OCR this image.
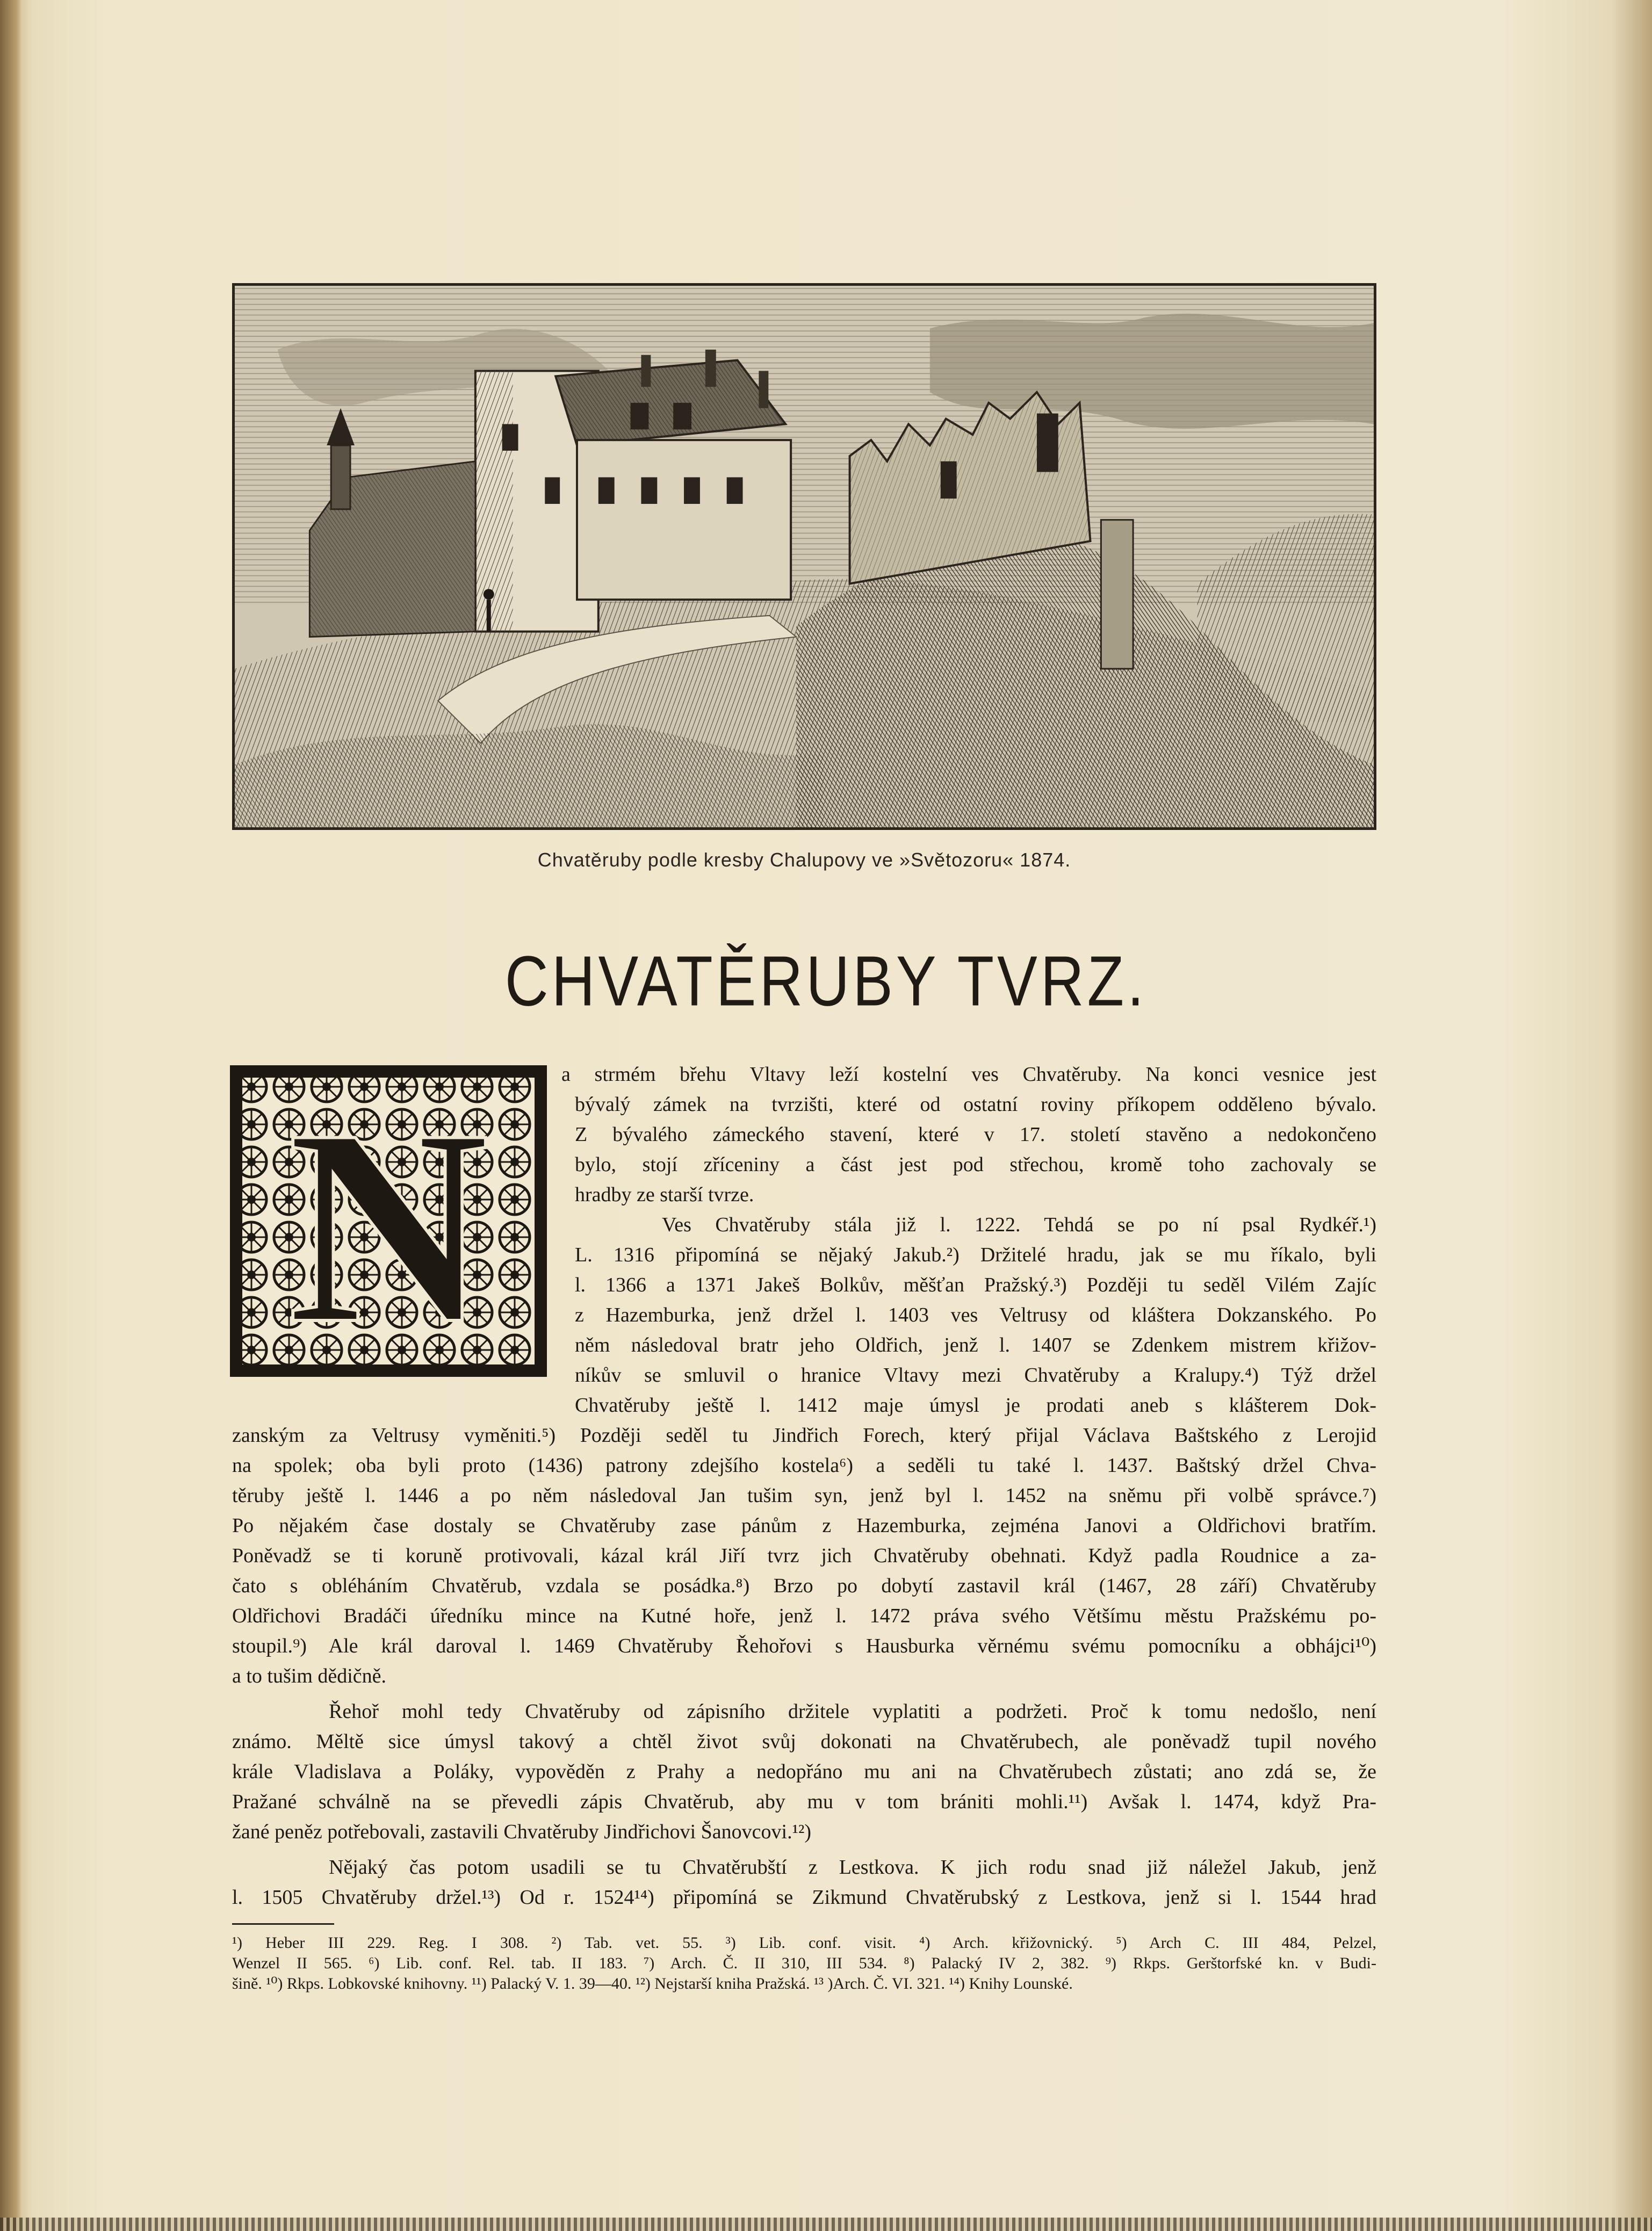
Chvatěruby podle kresby Chalupovy ve »Světozoru« 1874.
CHVATĚRUBY TVRZ.
N	a strmém břehu Vltavy leží kostelní ves Chvatěruby. Na konci vesnice jest
bývalý zámek na tvrzišti, které od ostatní roviny příkopem odděleno bývalo.
Z bývalého zámeckého stavení, které v 17. století stavěno a nedokončeno
bylo, stojí zříceniny a část jest pod střechou, kromě toho zachovaly se
hradby ze starší tvrze.
Ves Chvatěruby stála již l. 1222. Tehdá se po ní psal Rydkéř.¹)
L. 1316 připomíná se nějaký Jakub.²) Držitelé hradu, jak se mu říkalo, byli
l. 1366 a 1371 Jakeš Bolkův, měšťan Pražský.³) Později tu seděl Vilém Zajíc
z Hazemburka, jenž držel l. 1403 ves Veltrusy od kláštera Dokzanského. Po
něm následoval bratr jeho Oldřich, jenž l. 1407 se Zdenkem mistrem křižov-
níkův se smluvil o hranice Vltavy mezi Chvatěruby a Kralupy.⁴) Týž držel
Chvatěruby ještě l. 1412 maje úmysl je prodati aneb s klášterem Dok-
zanským za Veltrusy vyměniti.⁵) Později seděl tu Jindřich Forech, který přijal Václava Baštského z Lerojid
na spolek; oba byli proto (1436) patrony zdejšího kostela⁶) a seděli tu také l. 1437. Baštský držel Chva-
těruby ještě l. 1446 a po něm následoval Jan tušim syn, jenž byl l. 1452 na sněmu při volbě správce.⁷)
Po nějakém čase dostaly se Chvatěruby zase pánům z Hazemburka, zejména Janovi a Oldřichovi bratřím.
Poněvadž se ti koruně protivovali, kázal král Jiří tvrz jich Chvatěruby obehnati. Když padla Roudnice a za-
čato s obléháním Chvatěrub, vzdala se posádka.⁸) Brzo po dobytí zastavil král (1467, 28 září) Chvatěruby
Oldřichovi Bradáči úředníku mince na Kutné hoře, jenž l. 1472 práva svého Většímu městu Pražskému po-
stoupil.⁹) Ale král daroval l. 1469 Chvatěruby Řehořovi s Hausburka věrnému svému pomocníku a obhájci¹⁰)
a to tušim dědičně.
Řehoř mohl tedy Chvatěruby od zápisního držitele vyplatiti a podržeti. Proč k tomu nedošlo, není
známo. Měltě sice úmysl takový a chtěl život svůj dokonati na Chvatěrubech, ale poněvadž tupil nového
krále Vladislava a Poláky, vypověděn z Prahy a nedopřáno mu ani na Chvatěrubech zůstati; ano zdá se, že
Pražané schválně na se převedli zápis Chvatěrub, aby mu v tom brániti mohli.¹¹) Avšak l. 1474, když Pra-
žané peněz potřebovali, zastavili Chvatěruby Jindřichovi Šanovcovi.¹²)
Nějaký čas potom usadili se tu Chvatěrubští z Lestkova. K jich rodu snad již náležel Jakub, jenž
l. 1505 Chvatěruby držel.¹³) Od r. 1524¹⁴) připomíná se Zikmund Chvatěrubský z Lestkova, jenž si l. 1544 hrad
¹) Heber III 229. Reg. I 308. ²) Tab. vet. 55. ³) Lib. conf. visit. ⁴) Arch. křižovnický. ⁵) Arch C. III 484, Pelzel,
Wenzel II 565. ⁶) Lib. conf. Rel. tab. II 183. ⁷) Arch. Č. II 310, III 534. ⁸) Palacký IV 2, 382. ⁹) Rkps. Gerštorfské kn. v Budi-
šině. ¹⁰) Rkps. Lobkovské knihovny. ¹¹) Palacký V. 1. 39—40. ¹²) Nejstarší kniha Pražská. ¹³ )Arch. Č. VI. 321. ¹⁴) Knihy Lounské.
